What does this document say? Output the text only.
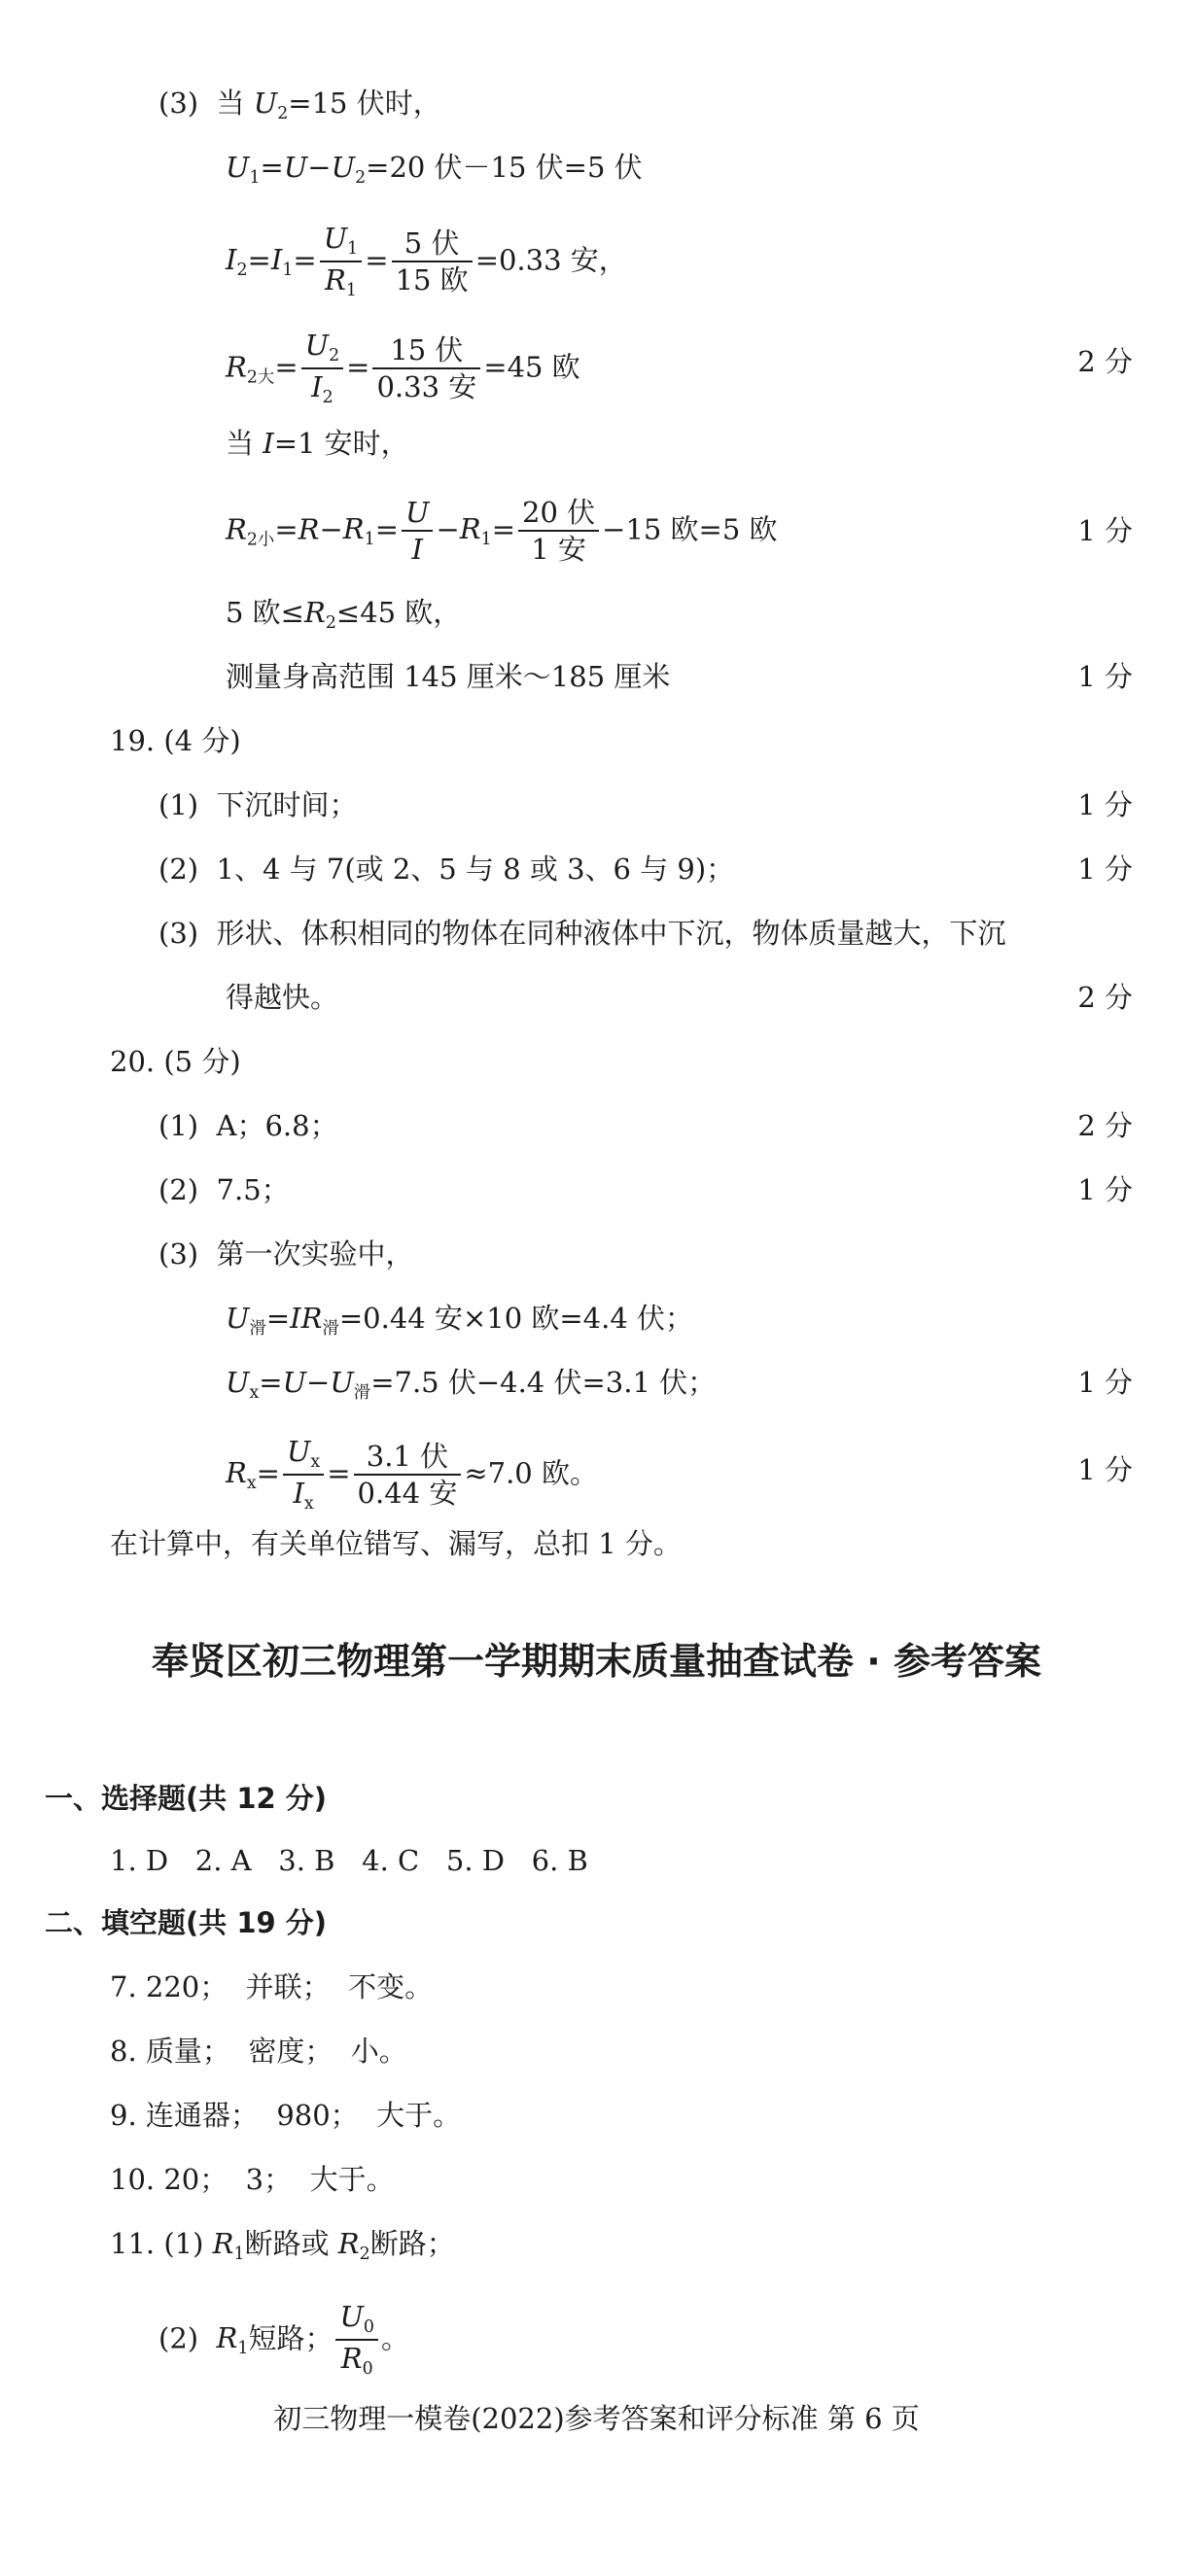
(3) 当 $U_2=15$ 伏时，
$U_1=U-U_2=20$ 伏－15 伏=5 伏
$I_2=I_1= \frac{U_1}{R_1}$ =
5 伏
15 欧
=0.33 安，
$R_{2大}= \frac{U_2}{I_2}$ =
15 伏
0.33 安
=45 欧	2 分
当 I=1 安时，
$R_{2小}=R-R_1= \frac{U}{I} -R_1=$
20 伏
1 安
−15 欧=5 欧	1 分
5 欧$\le R_2\le 45$ 欧，
测量身高范围 145 厘米～185 厘米	1 分
19. (4 分)
(1) 下沉时间；	1 分
(2) 1、4 与 7(或 2、5 与 8 或 3、6 与 9)；	1 分
(3) 形状、体积相同的物体在同种液体中下沉，物体质量越大，下沉
得越快。	2 分
20. (5 分)
(1) A；6.8；	2 分
(2) 7.5；	1 分
(3) 第一次实验中，
$U_滑=IR_滑=0.44$ 安×10 欧=4.4 伏；
$U_x=U-U_滑=7.5$ 伏−4.4 伏=3.1 伏；	1 分
$R_x= \frac{U_x}{I_x}$ =
3.1 伏
0.44 安
≈7.0 欧。	1 分
在计算中，有关单位错写、漏写，总扣 1 分。
奉贤区初三物理第一学期期末质量抽查试卷 · 参考答案
一、选择题(共 12 分)
1. D   2. A   3. B   4. C   5. D   6. B
二、填空题(共 19 分)
7. 220；  并联；  不变。
8. 质量；  密度；  小。
9. 连通器；  980；  大于。
10. 20；  3；  大于。
11. (1) $R_1$断路或 $R_2$断路；
(2) $R_1$短路； $\frac{U_0}{R_0}$ 。
初三物理一模卷(2022)参考答案和评分标准 第 6 页
